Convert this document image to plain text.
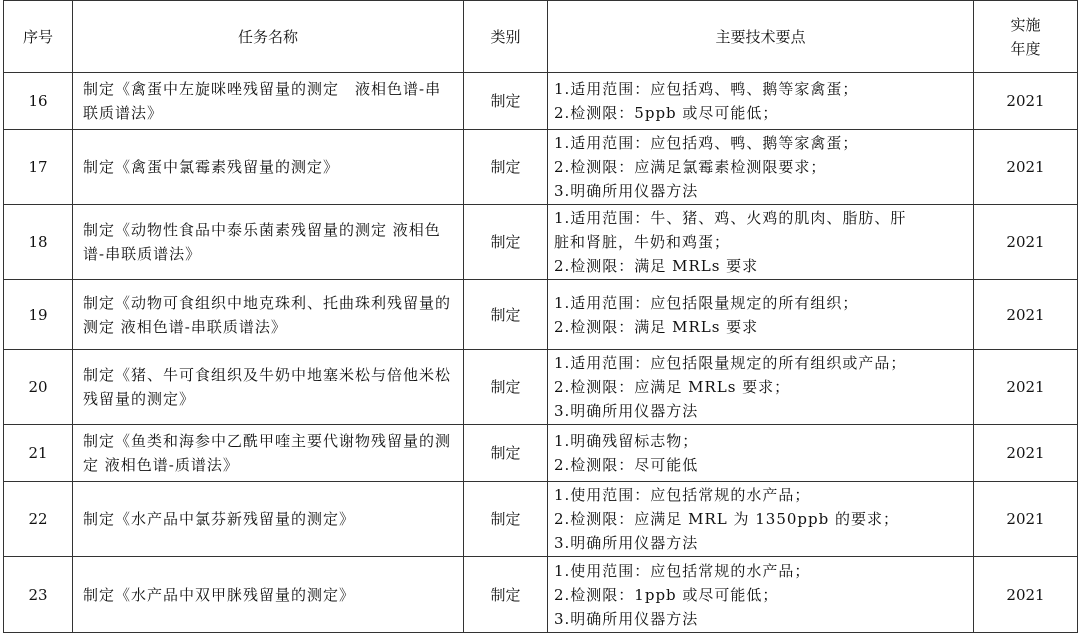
序号	任务名称	类别	主要技术要点	实施
年度

16	制定《禽蛋中左旋咪唑残留量的测定　液相色谱-串联质谱法》	制定	1.适用范围：应包括鸡、鸭、鹅等家禽蛋；
2.检测限：5ppb 或尽可能低；	2021
17	制定《禽蛋中氯霉素残留量的测定》	制定	1.适用范围：应包括鸡、鸭、鹅等家禽蛋；
2.检测限：应满足氯霉素检测限要求；
3.明确所用仪器方法	2021
18	制定《动物性食品中泰乐菌素残留量的测定 液相色谱-串联质谱法》	制定	1.适用范围：牛、猪、鸡、火鸡的肌肉、脂肪、肝
脏和肾脏，牛奶和鸡蛋；
2.检测限：满足 MRLs 要求	2021
19	制定《动物可食组织中地克珠利、托曲珠利残留量的测定 液相色谱-串联质谱法》	制定	1.适用范围：应包括限量规定的所有组织；
2.检测限：满足 MRLs 要求	2021
20	制定《猪、牛可食组织及牛奶中地塞米松与倍他米松残留量的测定》	制定	1.适用范围：应包括限量规定的所有组织或产品；
2.检测限：应满足 MRLs 要求；
3.明确所用仪器方法	2021
21	制定《鱼类和海参中乙酰甲喹主要代谢物残留量的测定 液相色谱-质谱法》	制定	1.明确残留标志物；
2.检测限：尽可能低	2021
22	制定《水产品中氯芬新残留量的测定》	制定	1.使用范围：应包括常规的水产品；
2.检测限：应满足 MRL 为 1350ppb 的要求；
3.明确所用仪器方法	2021
23	制定《水产品中双甲脒残留量的测定》	制定	1.使用范围：应包括常规的水产品；
2.检测限：1ppb 或尽可能低；
3.明确所用仪器方法	2021
